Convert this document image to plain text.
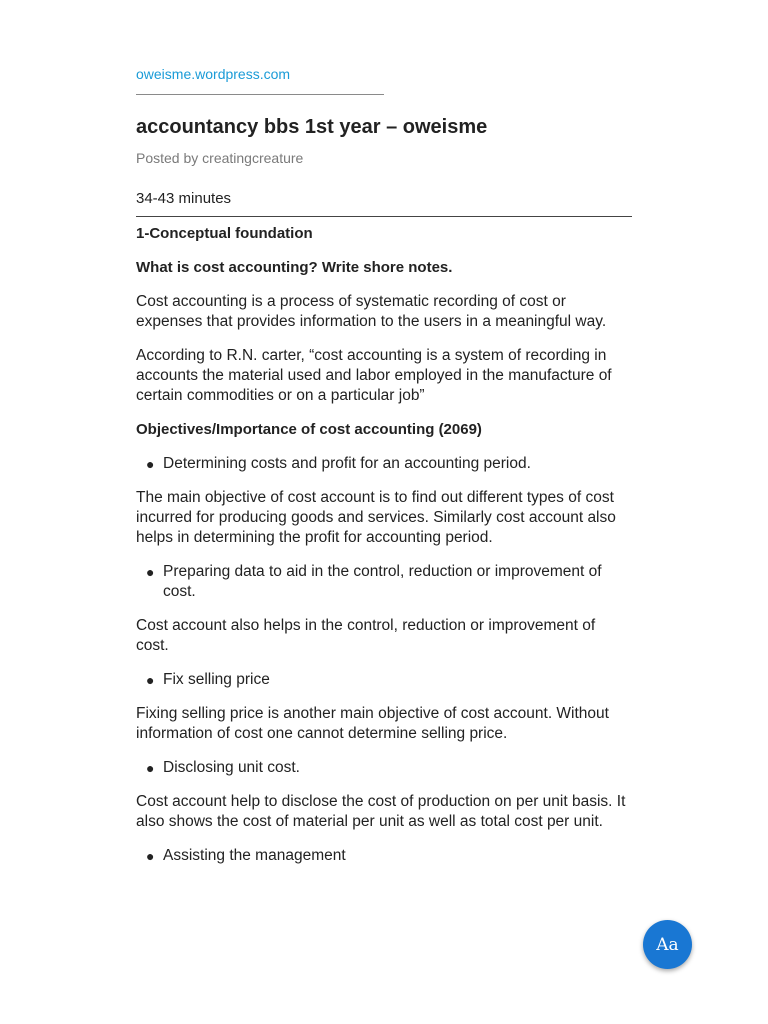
oweisme.wordpress.com
accountancy bbs 1st year – oweisme
Posted by creatingcreature
34-43 minutes

1-Conceptual foundation

What is cost accounting? Write shore notes.

Cost accounting is a process of systematic recording of cost or expenses that provides information to the users in a meaningful way.

According to R.N. carter, “cost accounting is a system of recording in accounts the material used and labor employed in the manufacture of certain commodities or on a particular job”

Objectives/Importance of cost accounting (2069)

● Determining costs and profit for an accounting period.

The main objective of cost account is to find out different types of cost incurred for producing goods and services. Similarly cost account also helps in determining the profit for accounting period.

● Preparing data to aid in the control, reduction or improvement of cost.

Cost account also helps in the control, reduction or improvement of cost.

● Fix selling price

Fixing selling price is another main objective of cost account. Without information of cost one cannot determine selling price.

● Disclosing unit cost.

Cost account help to disclose the cost of production on per unit basis. It also shows the cost of material per unit as well as total cost per unit.

● Assisting the management
Aa
